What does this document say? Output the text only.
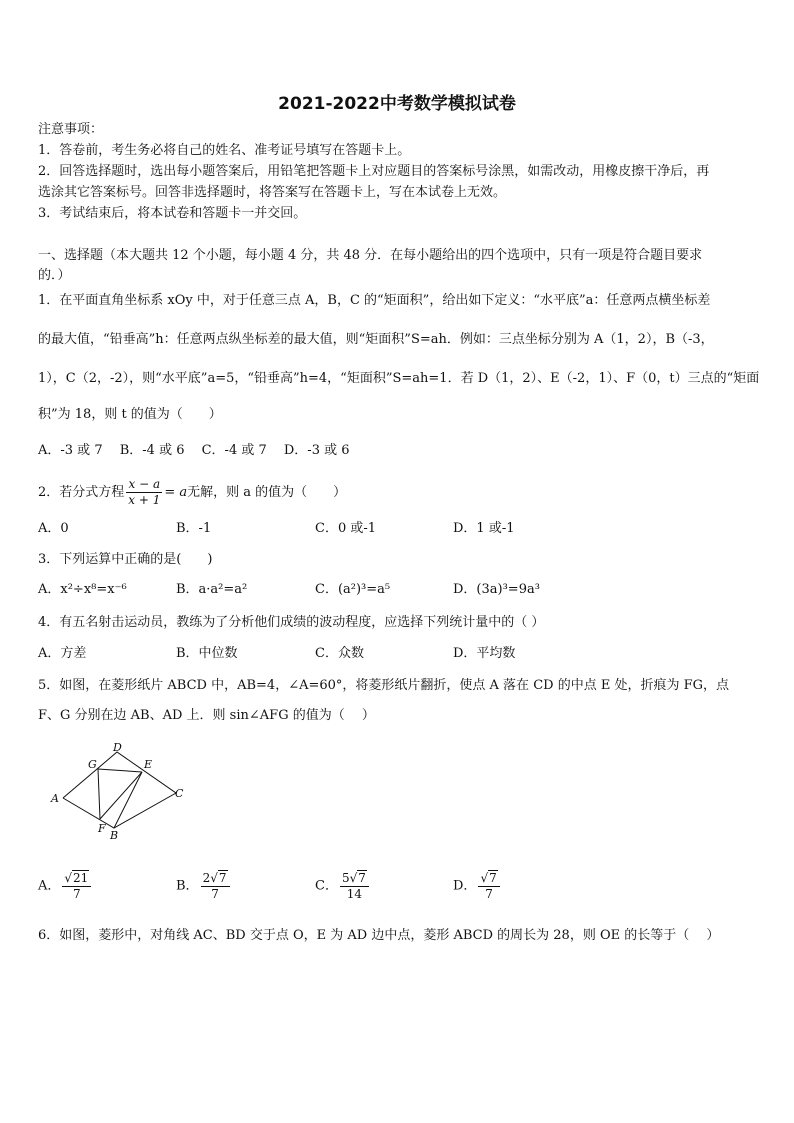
2021-2022中考数学模拟试卷
注意事项：
1．答卷前，考生务必将自己的姓名、准考证号填写在答题卡上。
2．回答选择题时，选出每小题答案后，用铅笔把答题卡上对应题目的答案标号涂黑，如需改动，用橡皮擦干净后，再
选涂其它答案标号。回答非选择题时，将答案写在答题卡上，写在本试卷上无效。
3．考试结束后，将本试卷和答题卡一并交回。
一、选择题（本大题共 12 个小题，每小题 4 分，共 48 分．在每小题给出的四个选项中，只有一项是符合题目要求
的．）
1．在平面直角坐标系 xOy 中，对于任意三点 A，B，C 的“矩面积”，给出如下定义：“水平底”a：任意两点横坐标差
的最大值，“铅垂高”h：任意两点纵坐标差的最大值，则“矩面积”S=ah．例如：三点坐标分别为 A（1，2），B（-3，
1），C（2，-2），则“水平底”a=5，“铅垂高”h=4，“矩面积”S=ah=1．若 D（1，2）、E（-2，1）、F（0，t）三点的“矩面
积”为 18，则 t 的值为（　　）
A．-3 或 7　 B．-4 或 6　 C．-4 或 7　 D．-3 或 6
2．若分式方程 $\frac{x - a}{x + 1} = a$无解，则 a 的值为（　　）
A．0	B．-1	C．0 或-1	D．1 或-1
3．下列运算中正确的是(　　)
A．x²÷x⁸=x⁻⁶	B．a·a²=a²	C．(a²)³=a⁵	D．(3a)³=9a³
4．有五名射击运动员，教练为了分析他们成绩的波动程度，应选择下列统计量中的（ ）
A．方差	B．中位数	C．众数	D．平均数
5．如图，在菱形纸片 ABCD 中，AB=4，∠A=60°，将菱形纸片翻折，使点 A 落在 CD 的中点 E 处，折痕为 FG，点
F、G 分别在边 AB、AD 上．则 sin∠AFG 的值为（　 ）
D
G	E
A	C
F
B
A． $\frac{√21}{7}$	B． $\frac{2√7}{7}$	C． $\frac{5√7}{14}$	D． $\frac{√7}{7}$
6．如图，菱形中，对角线 AC、BD 交于点 O，E 为 AD 边中点，菱形 ABCD 的周长为 28，则 OE 的长等于（　 ）
